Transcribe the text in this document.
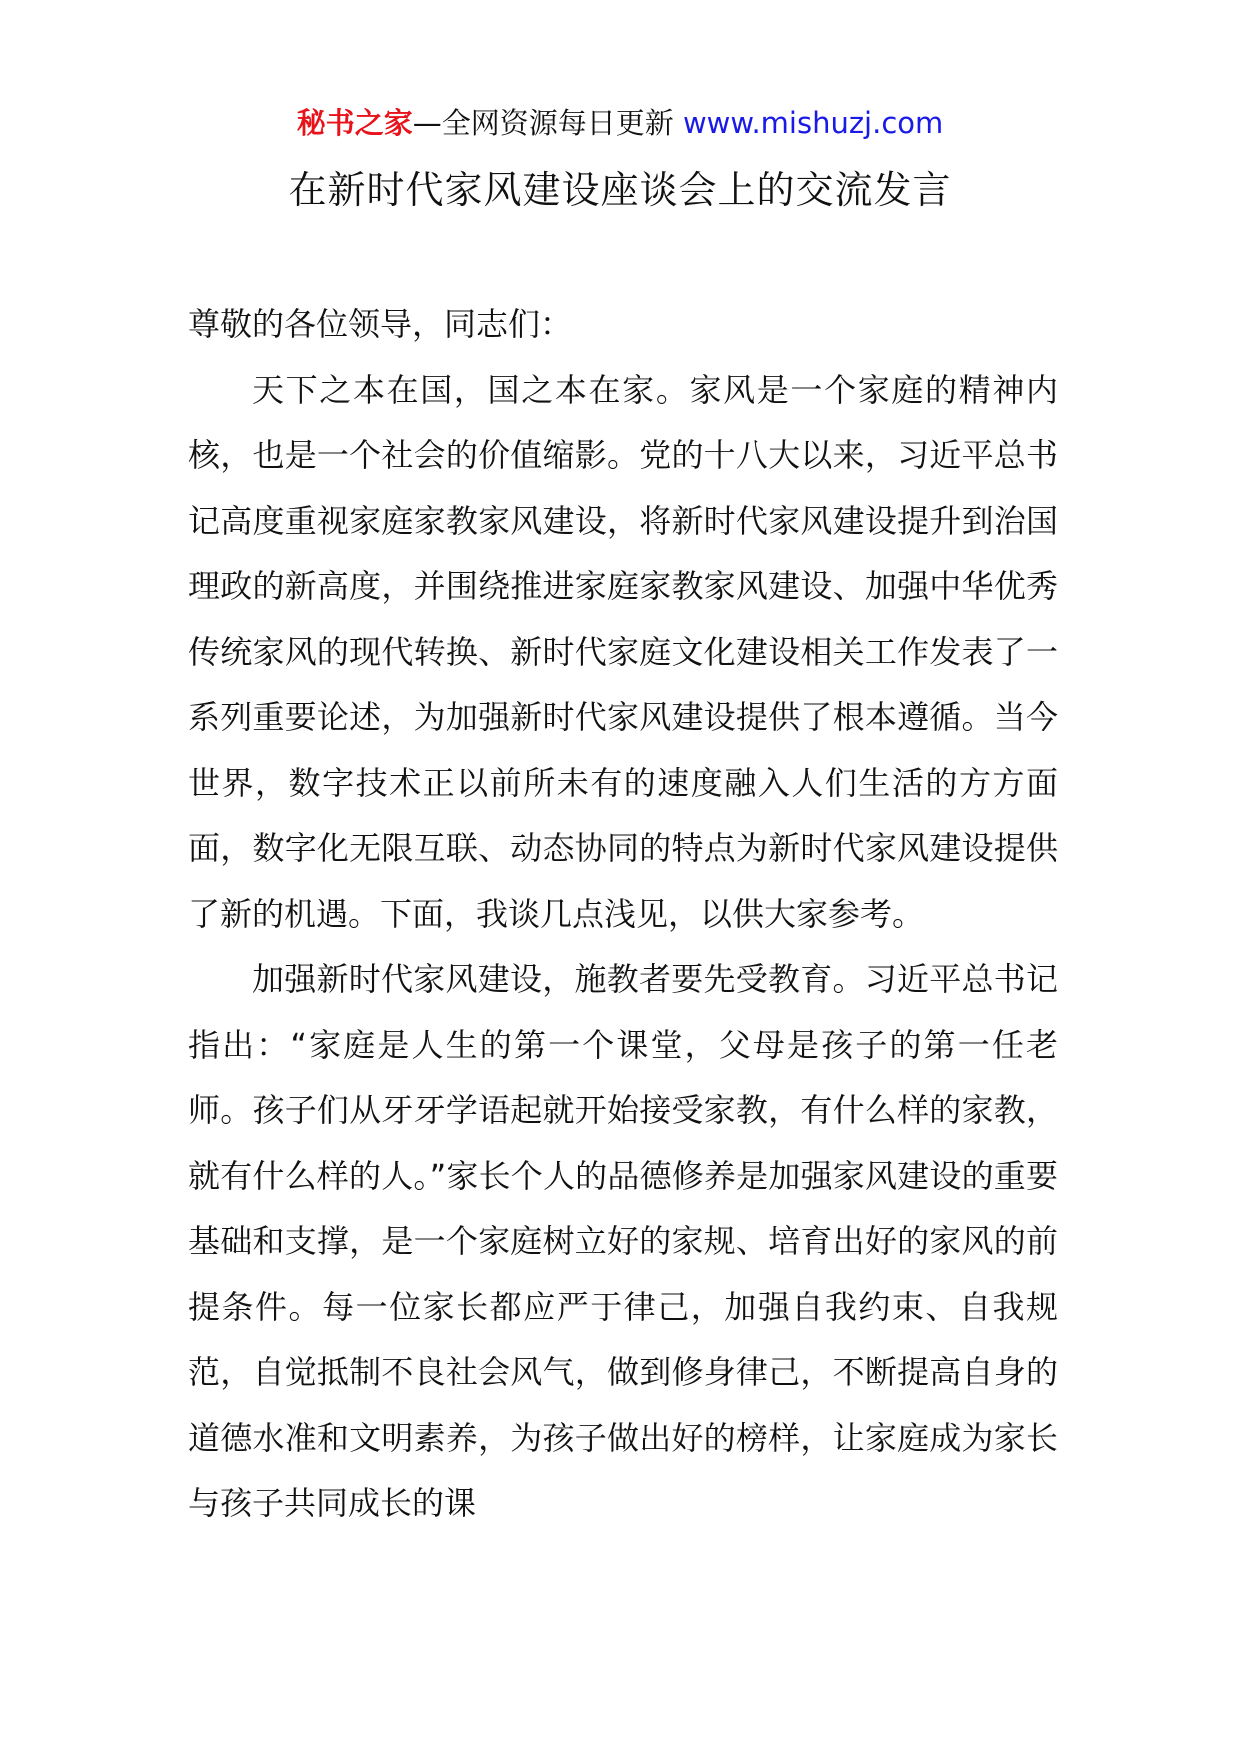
秘书之家—全网资源每日更新 www.mishuzj.com
在新时代家风建设座谈会上的交流发言

尊敬的各位领导，同志们：

天下之本在国，国之本在家。家风是一个家庭的精神内核，也是一个社会的价值缩影。党的十八大以来，习近平总书记高度重视家庭家教家风建设，将新时代家风建设提升到治国理政的新高度，并围绕推进家庭家教家风建设、加强中华优秀传统家风的现代转换、新时代家庭文化建设相关工作发表了一系列重要论述，为加强新时代家风建设提供了根本遵循。当今世界，数字技术正以前所未有的速度融入人们生活的方方面面，数字化无限互联、动态协同的特点为新时代家风建设提供了新的机遇。下面，我谈几点浅见，以供大家参考。

加强新时代家风建设，施教者要先受教育。习近平总书记指出：“家庭是人生的第一个课堂，父母是孩子的第一任老师。孩子们从牙牙学语起就开始接受家教，有什么样的家教，就有什么样的人。”家长个人的品德修养是加强家风建设的重要基础和支撑，是一个家庭树立好的家规、培育出好的家风的前提条件。每一位家长都应严于律己，加强自我约束、自我规范，自觉抵制不良社会风气，做到修身律己，不断提高自身的道德水准和文明素养，为孩子做出好的榜样，让家庭成为家长与孩子共同成长的课
